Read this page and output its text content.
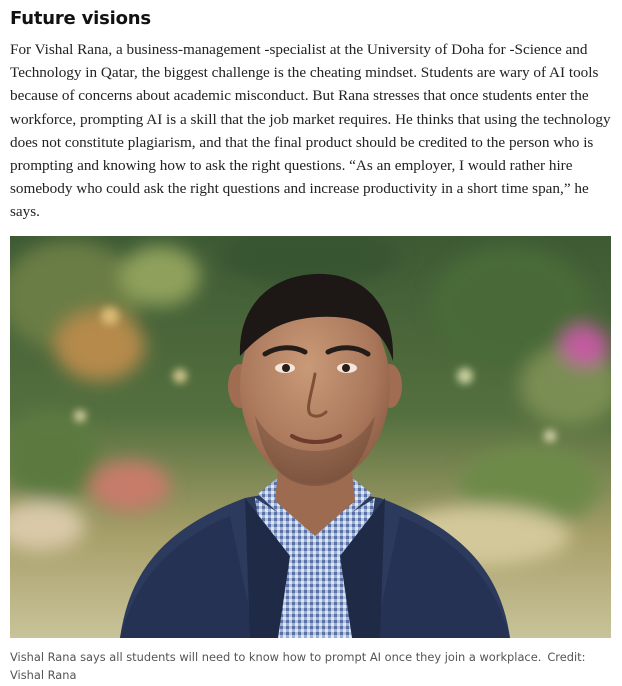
Future visions

For Vishal Rana, a business-management -specialist at the University of Doha for -Science and Technology in Qatar, the biggest challenge is the cheating mindset. Students are wary of AI tools because of concerns about academic misconduct. But Rana stresses that once students enter the workforce, prompting AI is a skill that the job market requires. He thinks that using the technology does not constitute plagiarism, and that the final product should be credited to the person who is prompting and knowing how to ask the right questions. “As an employer, I would rather hire somebody who could ask the right questions and increase productivity in a short time span,” he says.

Vishal Rana says all students will need to know how to prompt AI once they join a workplace. Credit: Vishal Rana
